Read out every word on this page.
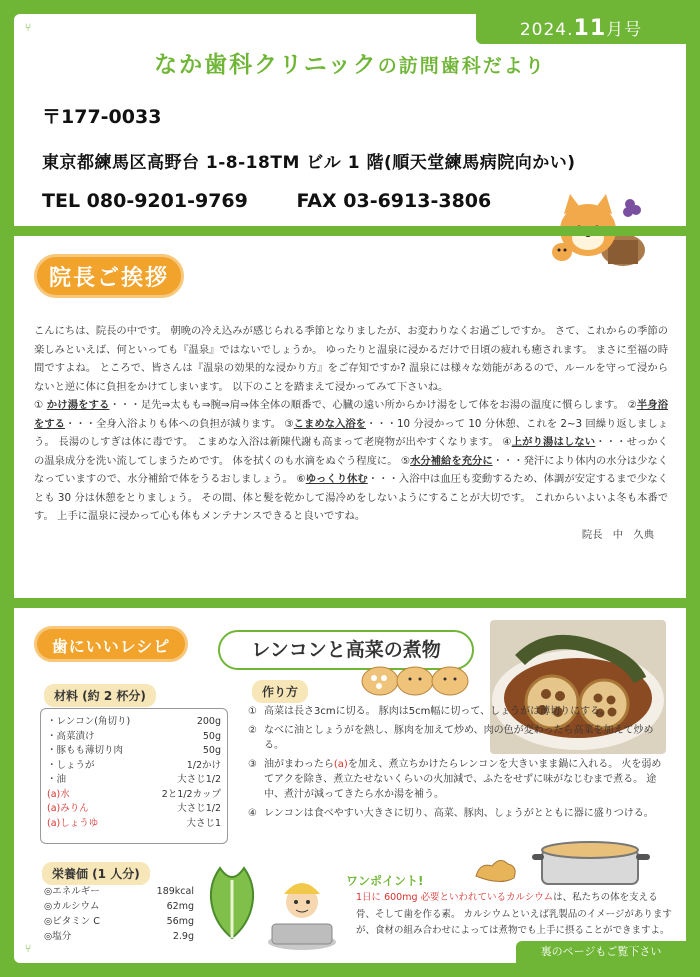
⑂
⑂
2024.11月号
なか歯科クリニックの訪問歯科だより
〒177-0033
東京都練馬区高野台 1-8-18TM ビル 1 階(順天堂練馬病院向かい)
TEL 080-9201-9769	FAX 03-6913-3806
院長ご挨拶
こんにちは、院長の中です。 朝晩の冷え込みが感じられる季節となりましたが、お変わりなくお過ごしですか。 さて、これからの季節の楽しみといえば、何といっても『温泉』ではないでしょうか。 ゆったりと温泉に浸かるだけで日頃の疲れも癒されます。 まさに至福の時間ですよね。 ところで、皆さんは『温泉の効果的な浸かり方』をご存知ですか? 温泉には様々な効能があるので、ルールを守って浸からないと逆に体に負担をかけてしまいます。 以下のことを踏まえて浸かってみて下さいね。
① かけ湯をする・・・足先⇒太もも⇒腕⇒肩⇒体全体の順番で、心臓の遠い所からかけ湯をして体をお湯の温度に慣らします。 ②半身浴をする・・・全身入浴よりも体への負担が減ります。 ③こまめな入浴を・・・10 分浸かって 10 分休憩、これを 2~3 回繰り返しましょう。 長湯のしすぎは体に毒です。 こまめな入浴は新陳代謝も高まって老廃物が出やすくなります。 ④上がり湯はしない・・・せっかくの温泉成分を洗い流してしまうためです。 体を拭くのも水滴をぬぐう程度に。 ⑤水分補給を充分に・・・発汗により体内の水分は少なくなっていますので、水分補給で体をうるおしましょう。 ⑥ゆっくり休む・・・入浴中は血圧も変動するため、体調が安定するまで少なくとも 30 分は休憩をとりましょう。 その間、体と髪を乾かして湯冷めをしないようにすることが大切です。 これからいよいよ冬も本番です。 上手に温泉に浸かって心も体もメンテナンスできると良いですね。
院長　中　久典
歯にいいレシピ	レンコンと高菜の煮物
材料 (約 2 杯分)
・レンコン(角切り)	200g
・高菜漬け	50g
・豚もも薄切り肉	50g
・しょうが	1/2かけ
・油	大さじ1/2
(a)水	2と1/2カップ
(a)みりん	大さじ1/2
(a)しょうゆ	大さじ1
作り方
① 高菜は長さ3cmに切る。 豚肉は5cm幅に切って、しょうがは薄切りにする。
② なべに油としょうがを熱し、豚肉を加えて炒め、肉の色が変わったら高菜を加えて炒める。
③ 油がまわったら(a)を加え、煮立ちかけたらレンコンを大きいまま鍋に入れる。 火を弱めてアクを除き、煮立たせないくらいの火加減で、ふたをせずに味がなじむまで煮る。 途中、煮汁が減ってきたら水か湯を補う。
④ レンコンは食べやすい大きさに切り、高菜、豚肉、しょうがとともに器に盛りつける。
栄養価 (1 人分)
◎エネルギー	189kcal
◎カルシウム	62mg
◎ビタミン C	56mg
◎塩分	2.9g
ワンポイント!
1日に 600mg 必要といわれているカルシウムは、私たちの体を支える骨、そして歯を作る素。 カルシウムといえば乳製品のイメージがありますが、食材の組み合わせによっては煮物でも上手に摂ることができますよ。
裏のページもご覧下さい
